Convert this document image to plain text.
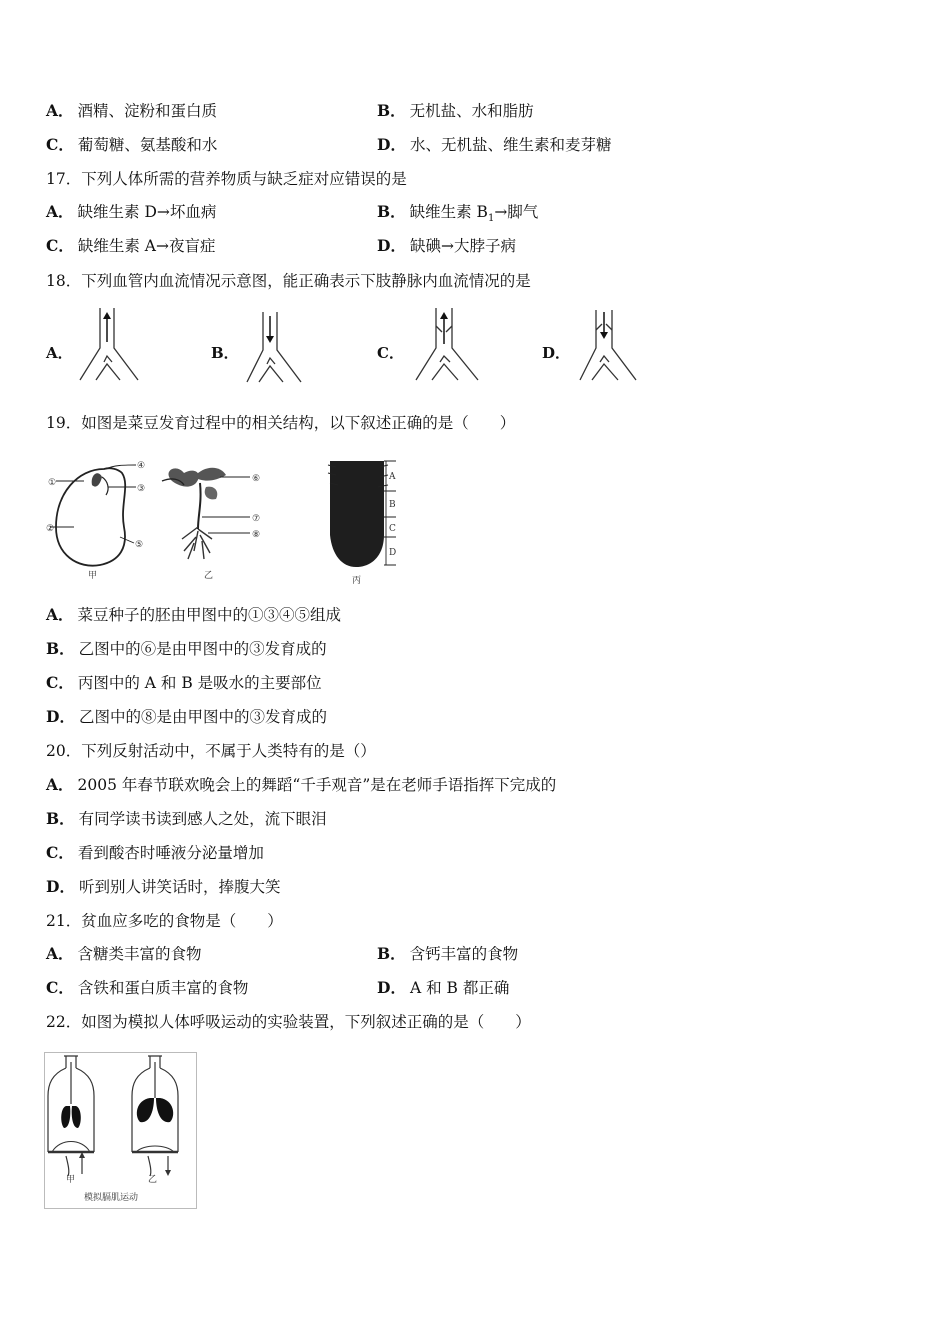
A． 酒精、淀粉和蛋白质	B． 无机盐、水和脂肪
C． 葡萄糖、氨基酸和水	D． 水、无机盐、维生素和麦芽糖
17．下列人体所需的营养物质与缺乏症对应错误的是
A． 缺维生素 D→坏血病	B． 缺维生素 $B_1\to$脚气
C． 缺维生素 A→夜盲症	D． 缺碘→大脖子病
18．下列血管内血流情况示意图，能正确表示下肢静脉内血流情况的是
A．	B．	C．	D．
19．如图是菜豆发育过程中的相关结构，以下叙述正确的是（　　）
①
②
③
④
⑤
甲
⑥
⑦
⑧
乙
A
B
C
D
丙
A． 菜豆种子的胚由甲图中的①③④⑤组成
B． 乙图中的⑥是由甲图中的③发育成的
C． 丙图中的 A 和 B 是吸水的主要部位
D． 乙图中的⑧是由甲图中的③发育成的
20．下列反射活动中，不属于人类特有的是（）
A． 2005 年春节联欢晚会上的舞蹈“千手观音”是在老师手语指挥下完成的
B． 有同学读书读到感人之处，流下眼泪
C． 看到酸杏时唾液分泌量增加
D． 听到别人讲笑话时，捧腹大笑
21．贫血应多吃的食物是（　　）
A． 含糖类丰富的食物	B． 含钙丰富的食物
C． 含铁和蛋白质丰富的食物	D． A 和 B 都正确
22．如图为模拟人体呼吸运动的实验装置，下列叙述正确的是（　　）
甲	乙
模拟膈肌运动
